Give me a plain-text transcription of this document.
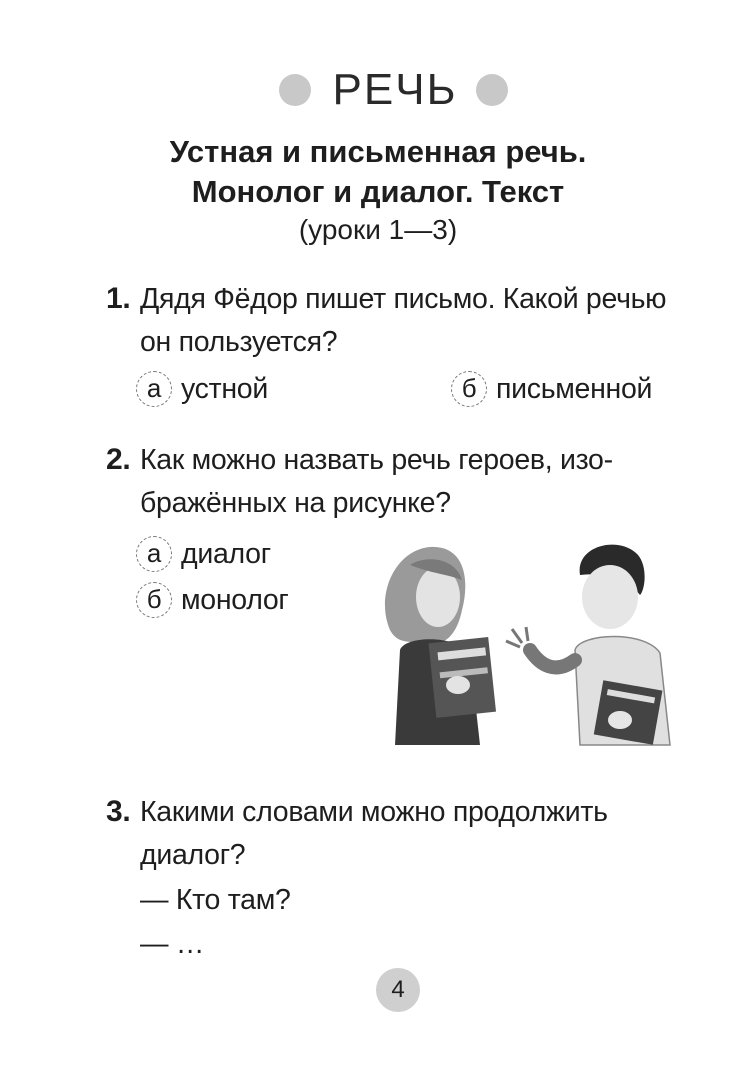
РЕЧЬ
Устная и письменная речь.
Монолог и диалог. Текст
(уроки 1—3)
1. Дядя Фёдор пишет письмо. Какой речью
он пользуется?
а устной	б письменной
2. Как можно назвать речь героев, изо-
бражённых на рисунке?
а диалог
б монолог
3. Какими словами можно продолжить
диалог?
— Кто там?
— …
4
